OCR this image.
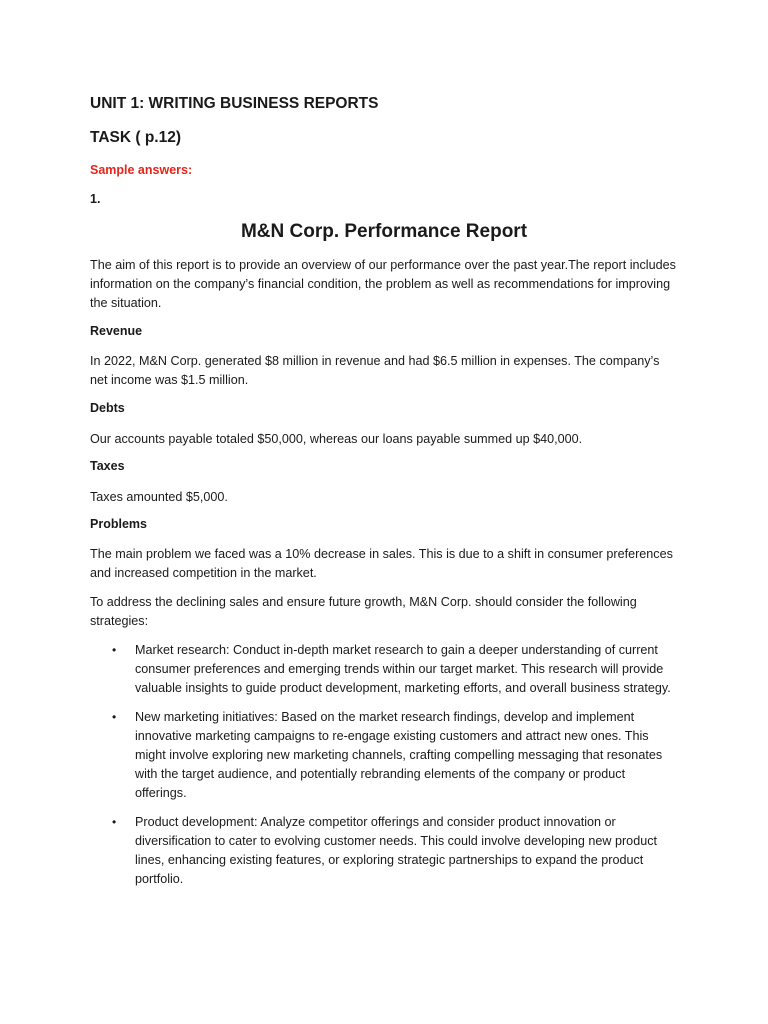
UNIT 1: WRITING BUSINESS REPORTS
TASK ( p.12)

Sample answers:

1.

M&N Corp. Performance Report

The aim of this report is to provide an overview of our performance over the past year.The report includes information on the company’s financial condition, the problem as well as recommendations for improving the situation.

Revenue

In 2022, M&N Corp. generated $8 million in revenue and had $6.5 million in expenses. The company’s net income was $1.5 million.

Debts

Our accounts payable totaled $50,000, whereas our loans payable summed up $40,000.

Taxes

Taxes amounted $5,000.

Problems

The main problem we faced was a 10% decrease in sales. This is due to a shift in consumer preferences and increased competition in the market.

To address the declining sales and ensure future growth, M&N Corp. should consider the following strategies:

• Market research: Conduct in-depth market research to gain a deeper understanding of current consumer preferences and emerging trends within our target market. This research will provide valuable insights to guide product development, marketing efforts, and overall business strategy.
• New marketing initiatives: Based on the market research findings, develop and implement innovative marketing campaigns to re-engage existing customers and attract new ones. This might involve exploring new marketing channels, crafting compelling messaging that resonates with the target audience, and potentially rebranding elements of the company or product offerings.
• Product development: Analyze competitor offerings and consider product innovation or diversification to cater to evolving customer needs. This could involve developing new product lines, enhancing existing features, or exploring strategic partnerships to expand the product portfolio.
